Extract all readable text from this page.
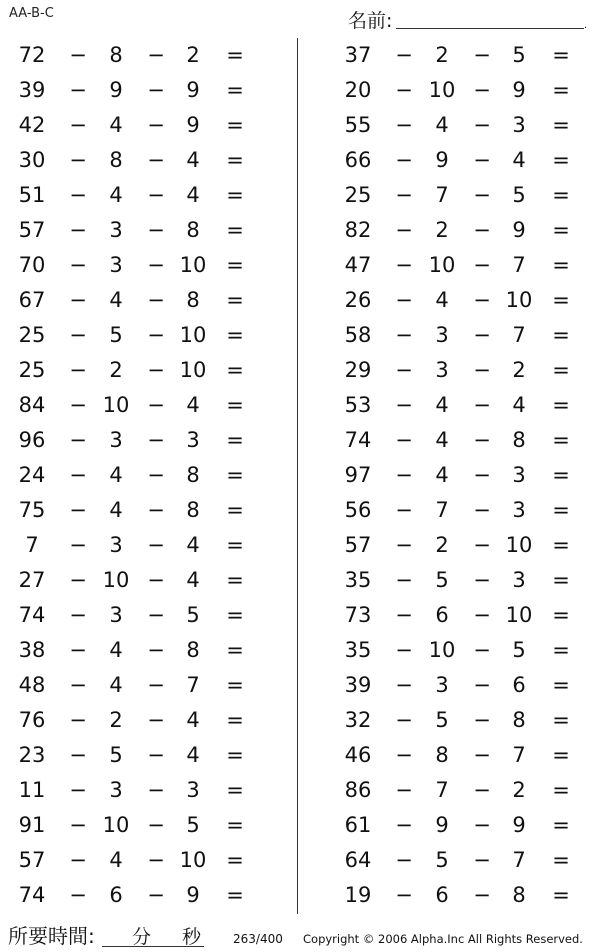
AA-B-C	名前:	.
72	−	8	−	2	=
39	−	9	−	9	=
42	−	4	−	9	=
30	−	8	−	4	=
51	−	4	−	4	=
57	−	3	−	8	=
70	−	3	− 10 =
67	−	4	−	8	=
25	−	5	− 10 =
25	−	2	− 10 =
84	− 10 −	4	=
96	−	3	−	3	=
24	−	4	−	8	=
75	−	4	−	8	=
7	−	3	−	4	=
27	− 10 −	4	=
74	−	3	−	5	=
38	−	4	−	8	=
48	−	4	−	7	=
76	−	2	−	4	=
23	−	5	−	4	=
11	−	3	−	3	=
91	− 10 −	5	=
57	−	4	− 10 =
74	−	6	−	9	=
37	−	2	−	5	=
20	− 10 −	9	=
55	−	4	−	3	=
66	−	9	−	4	=
25	−	7	−	5	=
82	−	2	−	9	=
47	− 10 −	7	=
26	−	4	− 10 =
58	−	3	−	7	=
29	−	3	−	2	=
53	−	4	−	4	=
74	−	4	−	8	=
97	−	4	−	3	=
56	−	7	−	3	=
57	−	2	− 10 =
35	−	5	−	3	=
73	−	6	− 10 =
35	− 10 −	5	=
39	−	3	−	6	=
32	−	5	−	8	=
46	−	8	−	7	=
86	−	7	−	2	=
61	−	9	−	9	=
64	−	5	−	7	=
19	−	6	−	8	=
所要時間: 分 秒	263/400 Copyright © 2006 Alpha.Inc All Rights Reserved.
